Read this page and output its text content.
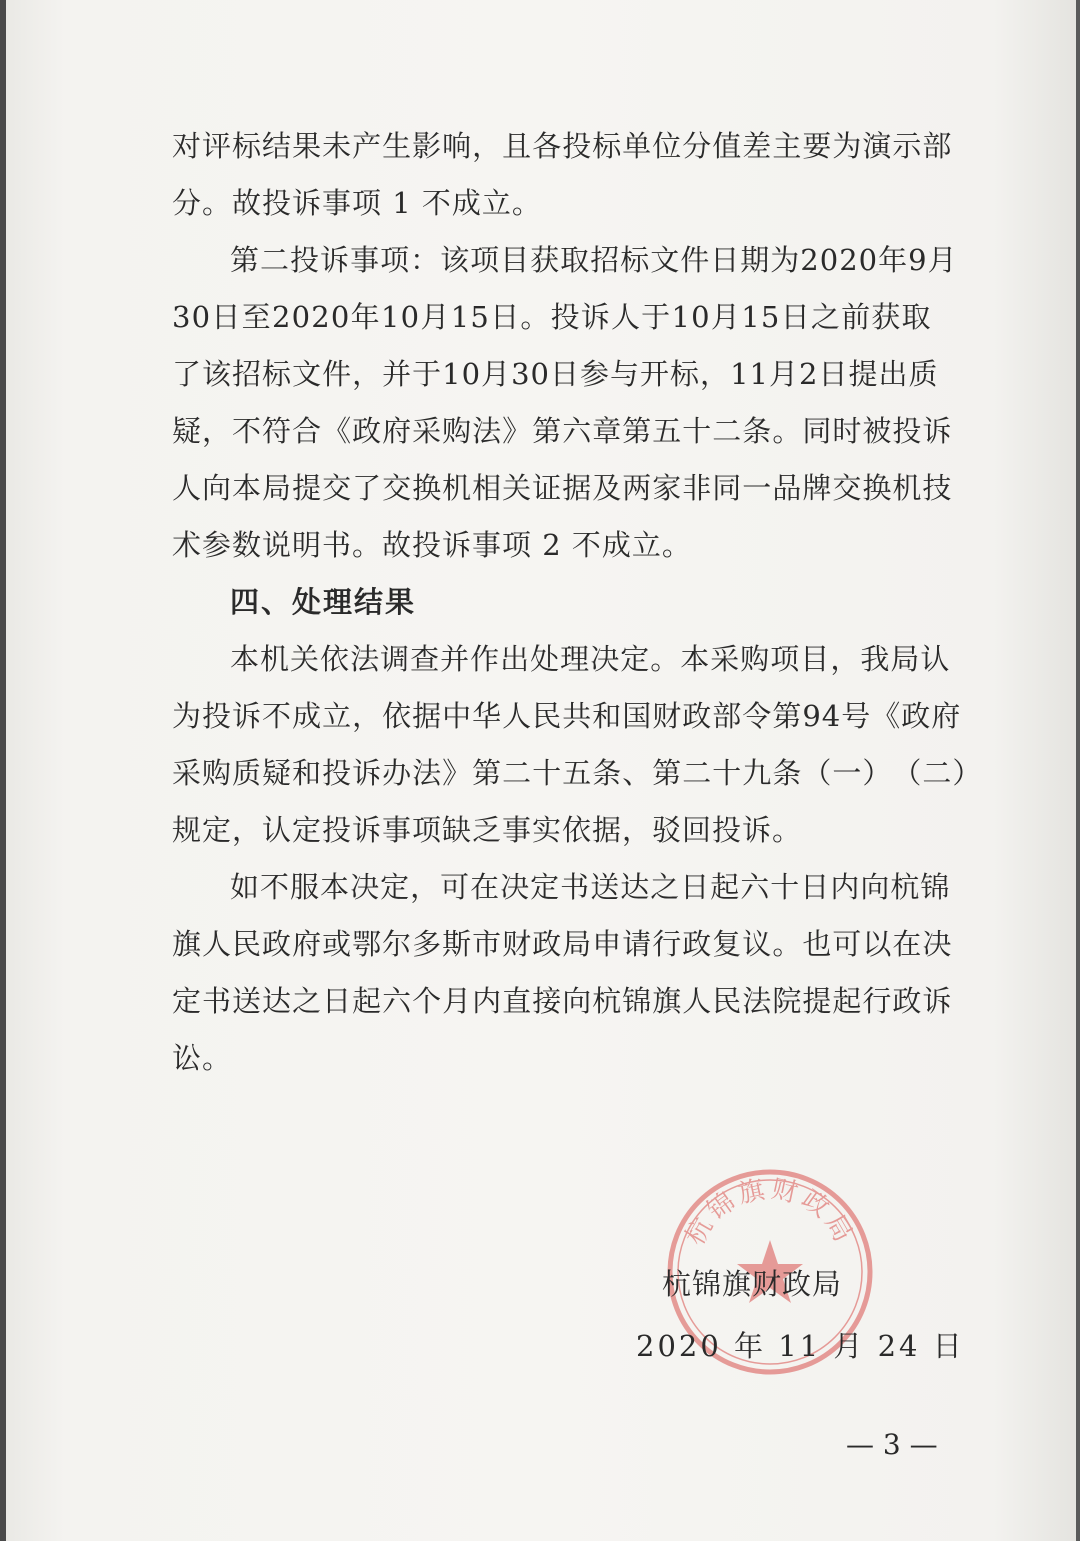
对 评 标 结 果 未 产 生 影 响 ， 且 各 投 标 单 位 分 值 差 主 要 为 演 示 部
分。故投诉事项 1 不成立。
第 二 投 诉 事 项 ： 该 项 目 获 取 招 标 文 件 日 期 为 2 0 2 0 年 9 月
3 0 日 至 2 0 2 0 年 1 0 月 1 5 日 。 投 诉 人 于 1 0 月 1 5 日 之 前 获 取
了 该 招 标 文 件 ， 并 于 1 0 月 3 0 日 参 与 开 标 ， 1 1 月 2 日 提 出 质
疑 ， 不 符 合 《 政 府 采 购 法 》 第 六 章 第 五 十 二 条 。 同 时 被 投 诉
人 向 本 局 提 交 了 交 换 机 相 关 证 据 及 两 家 非 同 一 品 牌 交 换 机 技
术参数说明书。故投诉事项 2 不成立。
四、处理结果
本 机 关 依 法 调 查 并 作 出 处 理 决 定 。 本 采 购 项 目 ， 我 局 认
为 投 诉 不 成 立 ， 依 据 中 华 人 民 共 和 国 财 政 部 令 第 9 4 号 《 政 府
采 购 质 疑 和 投 诉 办 法 》 第 二 十 五 条 、 第 二 十 九 条 （ 一 ） （ 二 ）
规定，认定投诉事项缺乏事实依据，驳回投诉。
如 不 服 本 决 定 ， 可 在 决 定 书 送 达 之 日 起 六 十 日 内 向 杭 锦
旗 人 民 政 府 或 鄂 尔 多 斯 市 财 政 局 申 请 行 政 复 议 。 也 可 以 在 决
定 书 送 达 之 日 起 六 个 月 内 直 接 向 杭 锦 旗 人 民 法 院 提 起 行 政 诉
讼。
杭锦旗财政局
杭锦旗财政局
2020 年 11 月 24 日
— 3 —
